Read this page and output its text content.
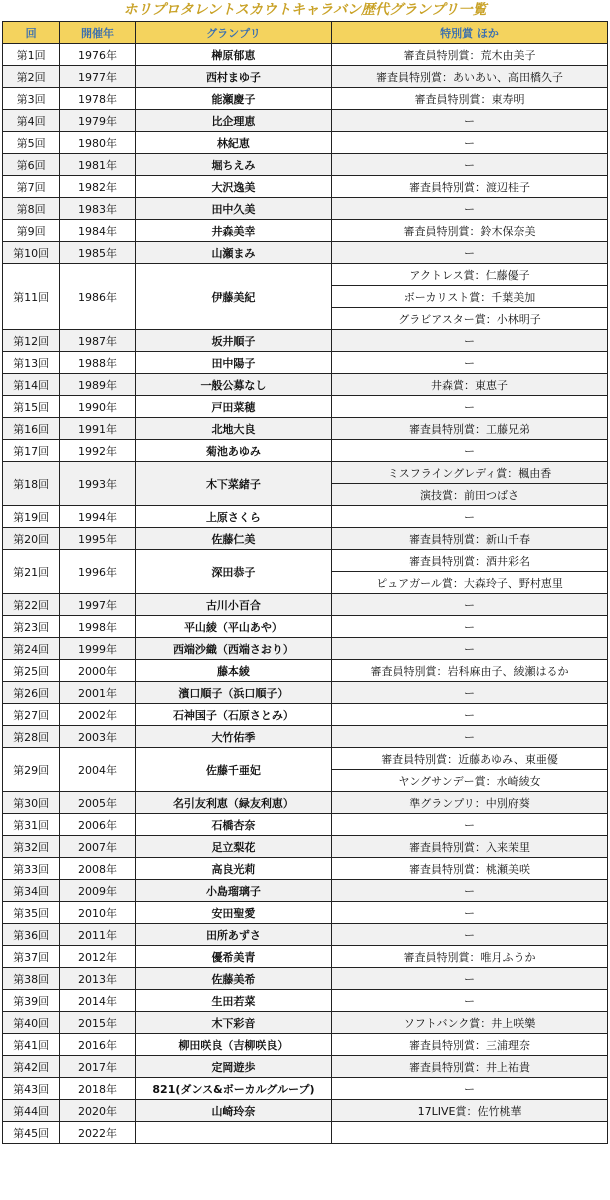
ホリプロタレントスカウトキャラバン歴代グランプリ一覧
回	開催年	グランプリ	特別賞 ほか
第1回	1976年	榊原郁恵	審査員特別賞：荒木由美子
第2回	1977年	西村まゆ子	審査員特別賞：あいあい、高田橋久子
第3回	1978年	能瀬慶子	審査員特別賞：東寿明
第4回	1979年	比企理恵	ー
第5回	1980年	林紀恵	ー
第6回	1981年	堀ちえみ	ー
第7回	1982年	大沢逸美	審査員特別賞：渡辺桂子
第8回	1983年	田中久美	ー
第9回	1984年	井森美幸	審査員特別賞：鈴木保奈美
第10回	1985年	山瀬まみ	ー
第11回	1986年	伊藤美紀	アクトレス賞：仁藤優子
			ボーカリスト賞：千葉美加
			グラビアスター賞：小林明子
第12回	1987年	坂井順子	ー
第13回	1988年	田中陽子	ー
第14回	1989年	一般公募なし	井森賞：東恵子
第15回	1990年	戸田菜穂	ー
第16回	1991年	北地大良	審査員特別賞：工藤兄弟
第17回	1992年	菊池あゆみ	ー
第18回	1993年	木下菜緒子	ミスフライングレディ賞：楓由香
			演技賞：前田つばさ
第19回	1994年	上原さくら	ー
第20回	1995年	佐藤仁美	審査員特別賞：新山千春
第21回	1996年	深田恭子	審査員特別賞：酒井彩名
			ピュアガール賞：大森玲子、野村恵里
第22回	1997年	古川小百合	ー
第23回	1998年	平山綾（平山あや）	ー
第24回	1999年	西端沙織（西端さおり）	ー
第25回	2000年	藤本綾	審査員特別賞：岩科麻由子、綾瀬はるか
第26回	2001年	濱口順子（浜口順子）	ー
第27回	2002年	石神国子（石原さとみ）	ー
第28回	2003年	大竹佑季	ー
第29回	2004年	佐藤千亜妃	審査員特別賞：近藤あゆみ、東亜優
			ヤングサンデー賞：水崎綾女
第30回	2005年	名引友利恵（緑友利恵）	準グランプリ：中別府葵
第31回	2006年	石橋杏奈	ー
第32回	2007年	足立梨花	審査員特別賞：入来茉里
第33回	2008年	高良光莉	審査員特別賞：桃瀬美咲
第34回	2009年	小島瑠璃子	ー
第35回	2010年	安田聖愛	ー
第36回	2011年	田所あずさ	ー
第37回	2012年	優希美青	審査員特別賞：唯月ふうか
第38回	2013年	佐藤美希	ー
第39回	2014年	生田若菜	ー
第40回	2015年	木下彩音	ソフトバンク賞：井上咲樂
第41回	2016年	柳田咲良（吉柳咲良）	審査員特別賞：三浦理奈
第42回	2017年	定岡遊歩	審査員特別賞：井上祐貴
第43回	2018年	821(ダンス&ボーカルグループ)	ー
第44回	2020年	山崎玲奈	17LIVE賞：佐竹桃華
第45回	2022年		
